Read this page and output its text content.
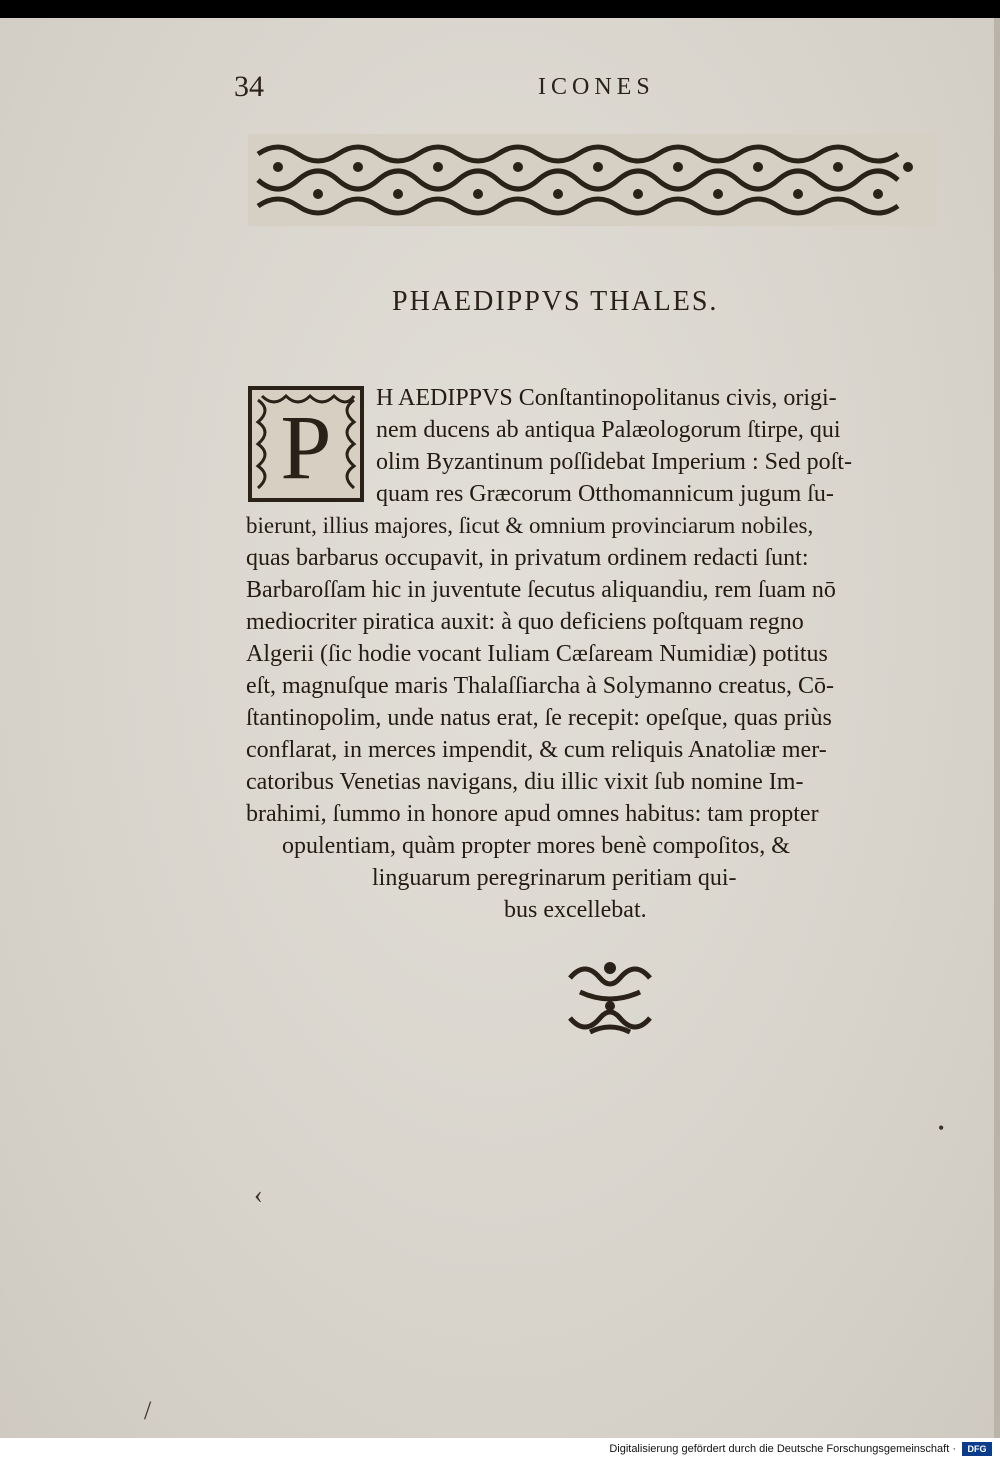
34	ICONES
PHAEDIPPVS THALES.
P H AEDIPPVS Conſtantinopolitanus civis, origi-
nem ducens ab antiqua Palæologorum ſtirpe, qui
olim Byzantinum poſſidebat Imperium : Sed poſt-
quam res Græcorum Otthomannicum jugum ſu-
bierunt, illius majores, ſicut & omnium provinciarum nobiles,
quas barbarus occupavit, in privatum ordinem redacti ſunt:
Barbaroſſam hic in juventute ſecutus aliquandiu, rem ſuam nō
mediocriter piratica auxit: à quo deficiens poſtquam regno
Algerii (ſic hodie vocant Iuliam Cæſaream Numidiæ) potitus
eſt, magnuſque maris Thalaſſiarcha à Solymanno creatus, Cō-
ſtantinopolim, unde natus erat, ſe recepit: opeſque, quas priùs
conflarat, in merces impendit, & cum reliquis Anatoliæ mer-
catoribus Venetias navigans, diu illic vixit ſub nomine Im-
brahimi, ſummo in honore apud omnes habitus: tam propter
opulentiam, quàm propter mores benè compoſitos, &
linguarum peregrinarum peritiam qui-
bus excellebat.
‹
/
•
Digitalisierung gefördert durch die Deutsche Forschungsgemeinschaft ·	DFG
